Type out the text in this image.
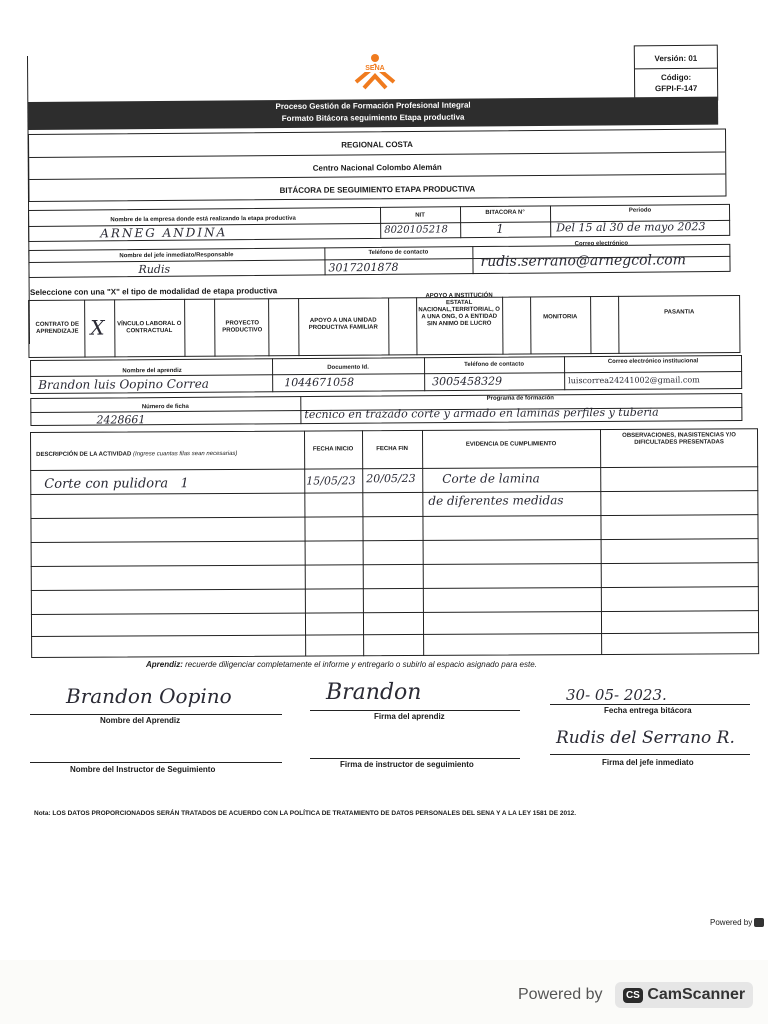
SENA
Versión: 01
Código:
GFPI-F-147
Proceso Gestión de Formación Profesional Integral
Formato Bitácora seguimiento Etapa productiva
REGIONAL COSTA
Centro Nacional Colombo Alemán
BITÁCORA DE SEGUIMIENTO ETAPA PRODUCTIVA
Nombre de la empresa donde está realizando la etapa productiva
ARNEG ANDINA
NIT
8020105218
BITACORA N°
1
Periodo
Del 15 al 30 de mayo 2023
Nombre del jefe inmediato/Responsable
Rudis
Teléfono de contacto
3017201878
Correo electrónico
rudis.serrano@arnegcol.com
Seleccione con una "X" el tipo de modalidad de etapa productiva
CONTRATO DE APRENDIZAJE X VÍNCULO LABORAL O CONTRACTUAL
PROYECTO PRODUCTIVO
APOYO A UNA UNIDAD PRODUCTIVA FAMILIAR
APOYO A INSTITUCIÓN ESTATAL NACIONAL,TERRITORIAL, O A UNA ONG, O A ENTIDAD SIN ANIMO DE LUCRO
MONITORIA
PASANTIA
Nombre del aprendiz
Brandon luis Oopino Correa
Documento Id.
1044671058
Teléfono de contacto
3005458329
Correo electrónico institucional
luiscorrea24241002@gmail.com
Número de ficha
2428661
Programa de formación
tecnico en trazado corte y armado en laminas perfiles y tuberia
DESCRIPCIÓN DE LA ACTIVIDAD (Ingrese cuantas filas sean necesarias)
FECHA INICIO	FECHA FIN
EVIDENCIA DE CUMPLIMIENTO
OBSERVACIONES, INASISTENCIAS Y/O DIFICULTADES PRESENTADAS
Corte con pulidora   1	15/05/23 20/05/23 Corte de lamina
de diferentes medidas
Aprendiz: recuerde diligenciar completamente el informe y entregarlo o subirlo al espacio asignado para este.
Brandon Oopino
Nombre del Aprendiz
Brandon
Firma del aprendiz
30- 05- 2023.
Fecha entrega bitácora
Nombre del Instructor de Seguimiento
Firma de instructor de seguimiento
Rudis del Serrano R.
Firma del jefe inmediato
Nota: LOS DATOS PROPORCIONADOS SERÁN TRATADOS DE ACUERDO CON LA POLÍTICA DE TRATAMIENTO DE DATOS PERSONALES DEL SENA Y A LA LEY 1581 DE 2012.
Powered by
Powered by CS CamScanner
